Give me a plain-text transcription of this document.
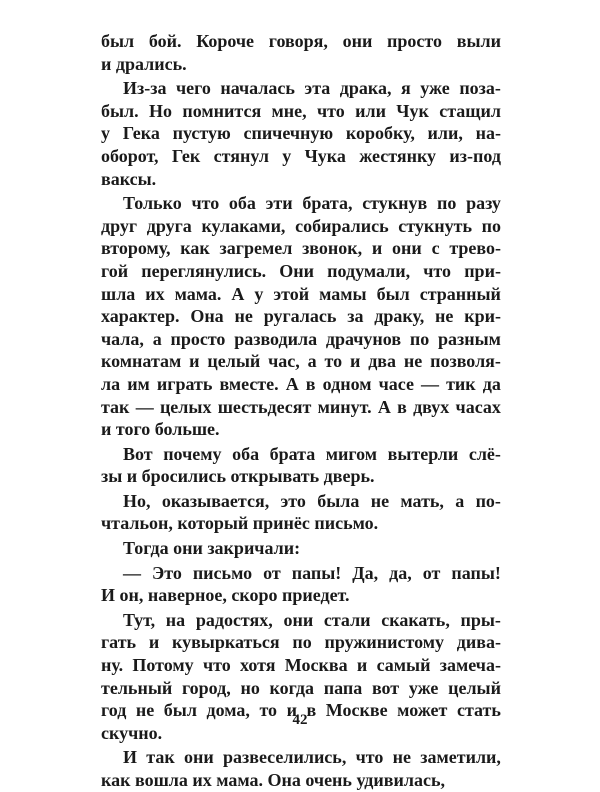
был бой. Короче говоря, они просто выли
и дрались.
Из-за чего началась эта драка, я уже поза-
был. Но помнится мне, что или Чук стащил
у Гека пустую спичечную коробку, или, на-
оборот, Гек стянул у Чука жестянку из-под
ваксы.
Только что оба эти брата, стукнув по разу
друг друга кулаками, собирались стукнуть по
второму, как загремел звонок, и они с трево-
гой переглянулись. Они подумали, что при-
шла их мама. А у этой мамы был странный
характер. Она не ругалась за драку, не кри-
чала, а просто разводила драчунов по разным
комнатам и целый час, а то и два не позволя-
ла им играть вместе. А в одном часе — тик да
так — целых шестьдесят минут. А в двух часах
и того больше.
Вот почему оба брата мигом вытерли слё-
зы и бросились открывать дверь.
Но, оказывается, это была не мать, а по-
чтальон, который принёс письмо.
Тогда они закричали:
— Это письмо от папы! Да, да, от папы!
И он, наверное, скоро приедет.
Тут, на радостях, они стали скакать, пры-
гать и кувыркаться по пружинистому дива-
ну. Потому что хотя Москва и самый замеча-
тельный город, но когда папа вот уже целый
год не был дома, то и в Москве может стать
скучно.
И так они развеселились, что не заметили,
как вошла их мама. Она очень удивилась,
42
